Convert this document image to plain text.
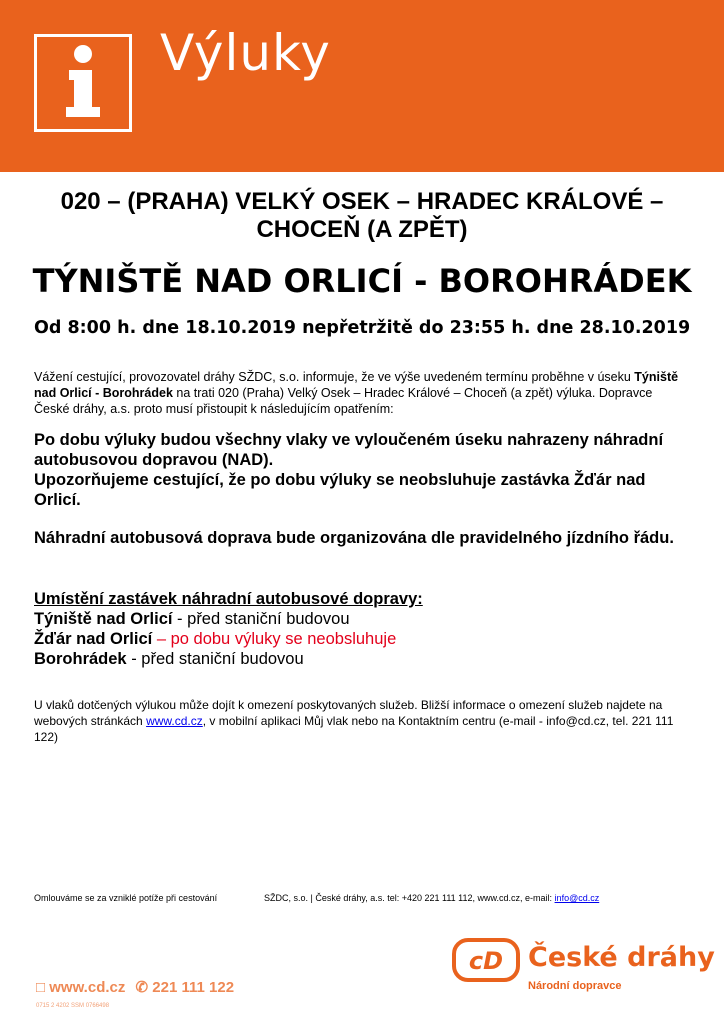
Výluky
020 – (PRAHA) VELKÝ OSEK – HRADEC KRÁLOVÉ –
CHOCEŇ (A ZPĚT)
TÝNIŠTĚ NAD ORLICÍ - BOROHRÁDEK
Od 8:00 h. dne 18.10.2019 nepřetržitě do 23:55 h. dne 28.10.2019
Vážení cestující, provozovatel dráhy SŽDC, s.o. informuje, že ve výše uvedeném termínu proběhne v úseku Týniště nad Orlicí - Borohrádek na trati 020 (Praha) Velký Osek – Hradec Králové – Choceň (a zpět) výluka. Dopravce České dráhy, a.s. proto musí přistoupit k následujícím opatřením:
Po dobu výluky budou všechny vlaky ve vyloučeném úseku nahrazeny náhradní autobusovou dopravou (NAD).
Upozorňujeme cestující, že po dobu výluky se neobsluhuje zastávka Žďár nad Orlicí.
Náhradní autobusová doprava bude organizována dle pravidelného jízdního řádu.
Umístění zastávek náhradní autobusové dopravy:
Týniště nad Orlicí - před staniční budovou
Žďár nad Orlicí – po dobu výluky se neobsluhuje
Borohrádek - před staniční budovou
U vlaků dotčených výlukou může dojít k omezení poskytovaných služeb. Bližší informace o omezení služeb najdete na webových stránkách www.cd.cz, v mobilní aplikaci Můj vlak nebo na Kontaktním centru (e-mail - info@cd.cz, tel. 221 111 122)
Omlouváme se za vzniklé potíže při cestování	SŽDC, s.o. | České dráhy, a.s. tel: +420 221 111 112, www.cd.cz, e-mail: info@cd.cz
□ www.cd.cz ✆ 221 111 122
0715 2 4202 ŠSM 0766498
cD České dráhy
Národní dopravce
